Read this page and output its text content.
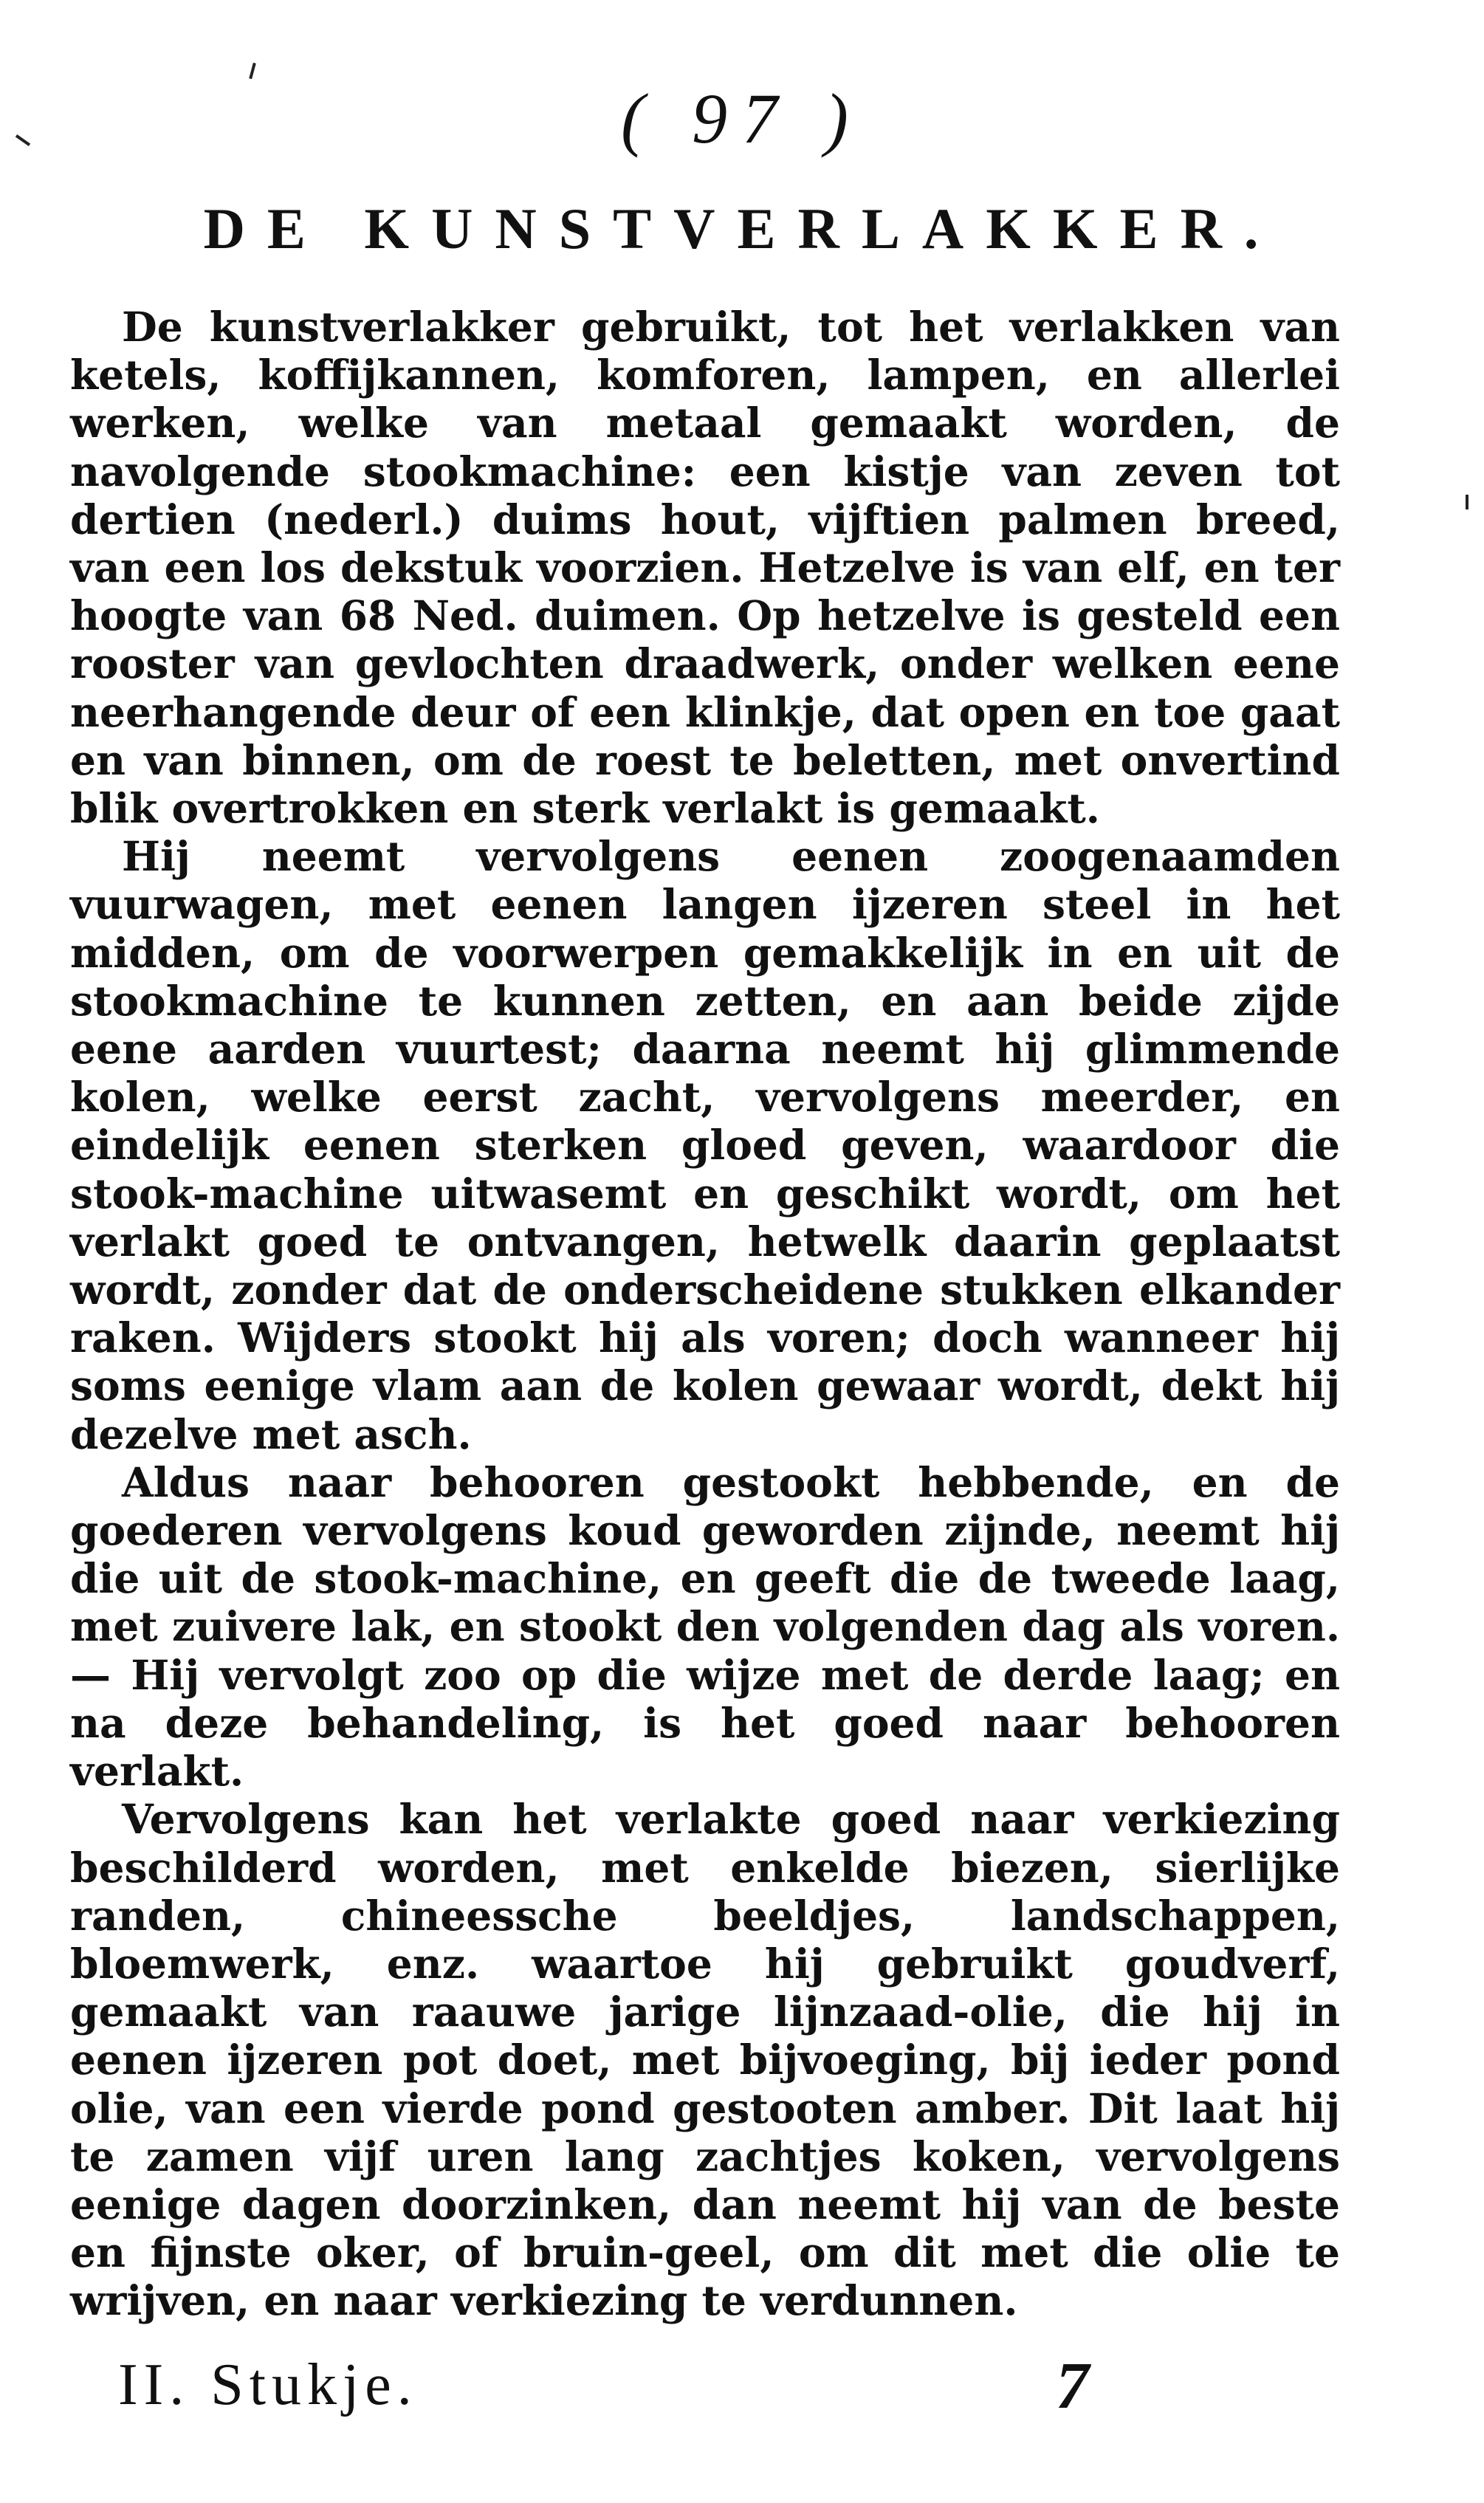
( 97 )
DE KUNSTVERLAKKER.

De kunstverlakker gebruikt, tot het verlakken van ketels, koffijkannen, komforen, lampen, en allerlei werken, welke van metaal gemaakt worden, de navolgende stookmachine: een kistje van zeven tot dertien (nederl.) duims hout, vijftien palmen breed, van een los dekstuk voorzien. Hetzelve is van elf, en ter hoogte van 68 Ned. duimen. Op hetzelve is gesteld een rooster van gevlochten draadwerk, onder welken eene neerhangende deur of een klinkje, dat open en toe gaat en van binnen, om de roest te beletten, met onvertind blik overtrokken en sterk verlakt is gemaakt.

Hij neemt vervolgens eenen zoogenaamden vuurwagen, met eenen langen ijzeren steel in het midden, om de voorwerpen gemakkelijk in en uit de stookmachine te kunnen zetten, en aan beide zijde eene aarden vuurtest; daarna neemt hij glimmende kolen, welke eerst zacht, vervolgens meerder, en eindelijk eenen sterken gloed geven, waardoor die stook-machine uitwasemt en geschikt wordt, om het verlakt goed te ontvangen, hetwelk daarin geplaatst wordt, zonder dat de onderscheidene stukken elkander raken. Wijders stookt hij als voren; doch wanneer hij soms eenige vlam aan de kolen gewaar wordt, dekt hij dezelve met asch.

Aldus naar behooren gestookt hebbende, en de goederen vervolgens koud geworden zijnde, neemt hij die uit de stook-machine, en geeft die de tweede laag, met zuivere lak, en stookt den volgenden dag als voren. — Hij vervolgt zoo op die wijze met de derde laag; en na deze behandeling, is het goed naar behooren verlakt.

Vervolgens kan het verlakte goed naar verkiezing beschilderd worden, met enkelde biezen, sierlijke randen, chineessche beeldjes, landschappen, bloemwerk, enz. waartoe hij gebruikt goudverf, gemaakt van raauwe jarige lijnzaad-olie, die hij in eenen ijzeren pot doet, met bijvoeging, bij ieder pond olie, van een vierde pond gestooten amber. Dit laat hij te zamen vijf uren lang zachtjes koken, vervolgens eenige dagen doorzinken, dan neemt hij van de beste en fijnste oker, of bruin-geel, om dit met die olie te wrijven, en naar verkiezing te verdunnen.

II. Stukje.	7
